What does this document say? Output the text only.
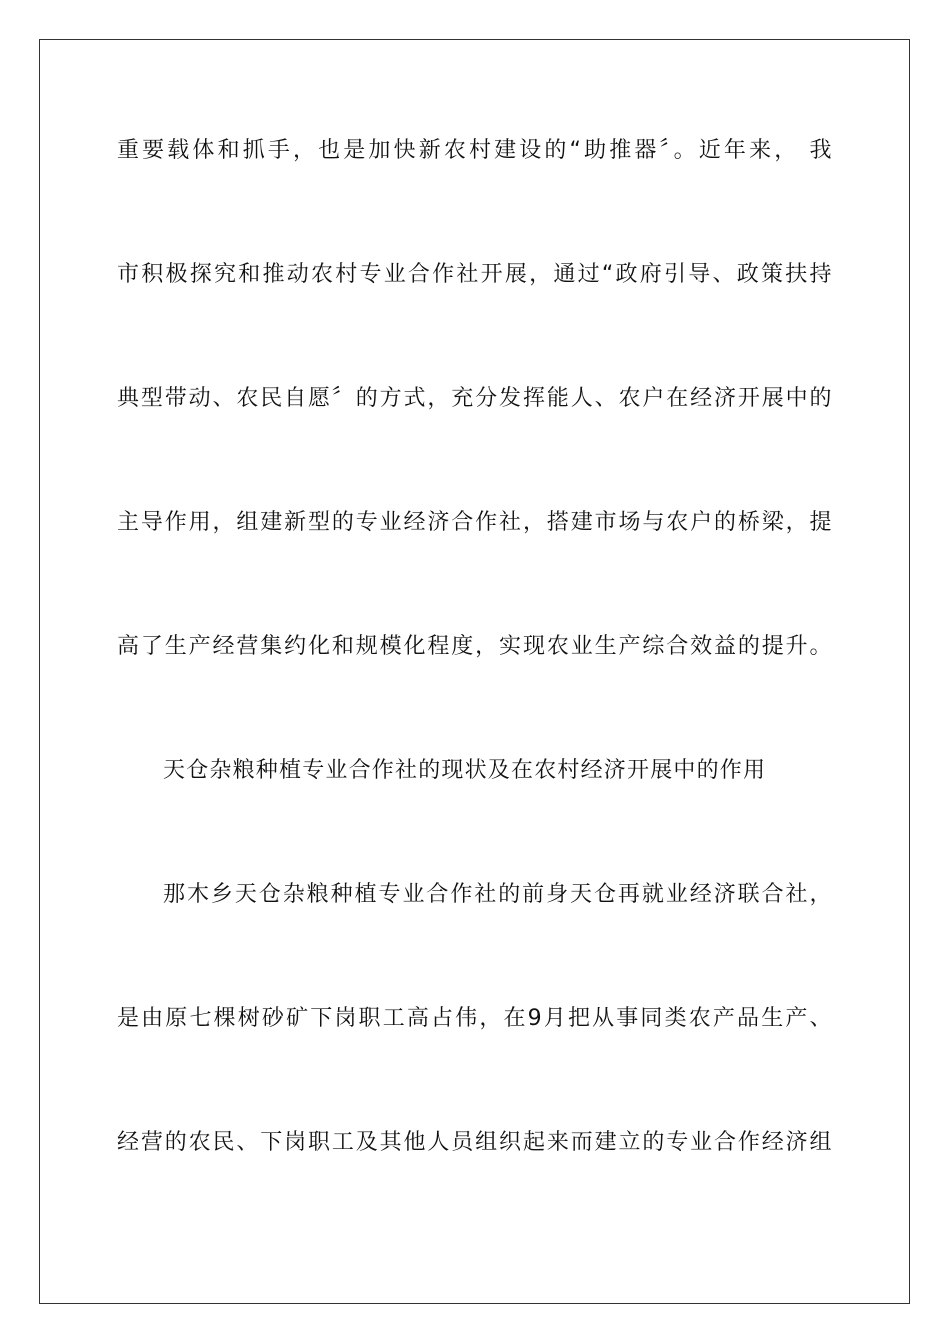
重要载体和抓手，也是加快新农村建设的“助推器〞。近年来， 我
市积极探究和推动农村专业合作社开展，通过“政府引导、政策扶持
典型带动、农民自愿〞的方式，充分发挥能人、农户在经济开展中的
主导作用，组建新型的专业经济合作社，搭建市场与农户的桥梁，提
高了生产经营集约化和规模化程度，实现农业生产综合效益的提升。
天仓杂粮种植专业合作社的现状及在农村经济开展中的作用
那木乡天仓杂粮种植专业合作社的前身天仓再就业经济联合社，
是由原七棵树砂矿下岗职工高占伟，在9月把从事同类农产品生产、
经营的农民、下岗职工及其他人员组织起来而建立的专业合作经济组
